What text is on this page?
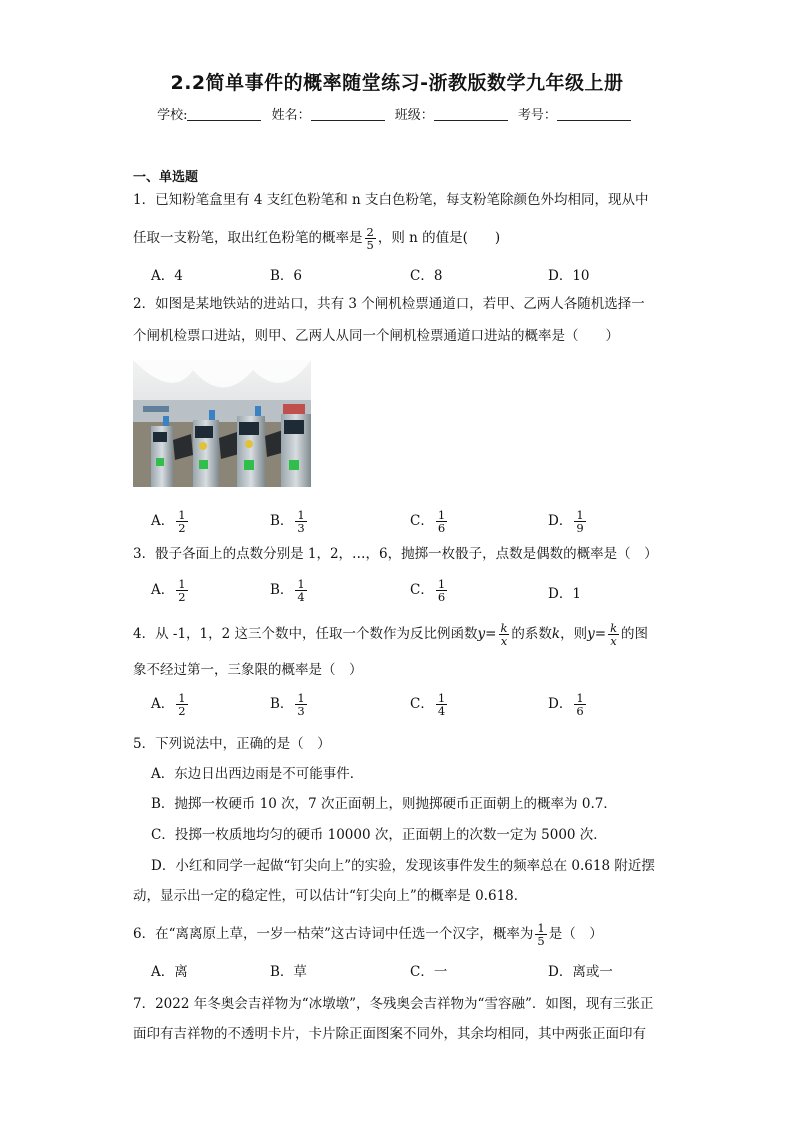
2.2简单事件的概率随堂练习-浙教版数学九年级上册
学校:	姓名：	班级：	考号：
一、单选题
1．已知粉笔盒里有 4 支红色粉笔和 n 支白色粉笔，每支粉笔除颜色外均相同，现从中
任取一支粉笔，取出红色粉笔的概率是 $\frac{2}{5}$ ，则 n 的值是(　　)
A．4	B．6	C．8	D．10
2．如图是某地铁站的进站口，共有 3 个闸机检票通道口，若甲、乙两人各随机选择一
个闸机检票口进站，则甲、乙两人从同一个闸机检票通道口进站的概率是（　　）
A． $\frac{1}{2}$	B． $\frac{1}{3}$	C． $\frac{1}{6}$	D． $\frac{1}{9}$
3．骰子各面上的点数分别是 1，2，…，6，抛掷一枚骰子，点数是偶数的概率是（　）
A． $\frac{1}{2}$	B． $\frac{1}{4}$	C． $\frac{1}{6}$	D．1
4．从 -1，1，2 这三个数中，任取一个数作为反比例函数$y= \frac{k}{x}$ 的系数k，则$y= \frac{k}{x}$ 的图
象不经过第一，三象限的概率是（　）
A． $\frac{1}{2}$	B． $\frac{1}{3}$	C． $\frac{1}{4}$	D． $\frac{1}{6}$
5．下列说法中，正确的是（　）
A．东边日出西边雨是不可能事件．
B．抛掷一枚硬币 10 次，7 次正面朝上，则抛掷硬币正面朝上的概率为 0.7．
C．投掷一枚质地均匀的硬币 10000 次，正面朝上的次数一定为 5000 次．
D．小红和同学一起做“钉尖向上”的实验，发现该事件发生的频率总在 0.618 附近摆
动，显示出一定的稳定性，可以估计“钉尖向上”的概率是 0.618．
6．在“离离原上草，一岁一枯荣”这古诗词中任选一个汉字，概率为 $\frac{1}{5}$ 是（　）
A．离	B．草	C．一	D．离或一
7．2022 年冬奥会吉祥物为“冰墩墩”，冬残奥会吉祥物为“雪容融”．如图，现有三张正
面印有吉祥物的不透明卡片，卡片除正面图案不同外，其余均相同，其中两张正面印有
